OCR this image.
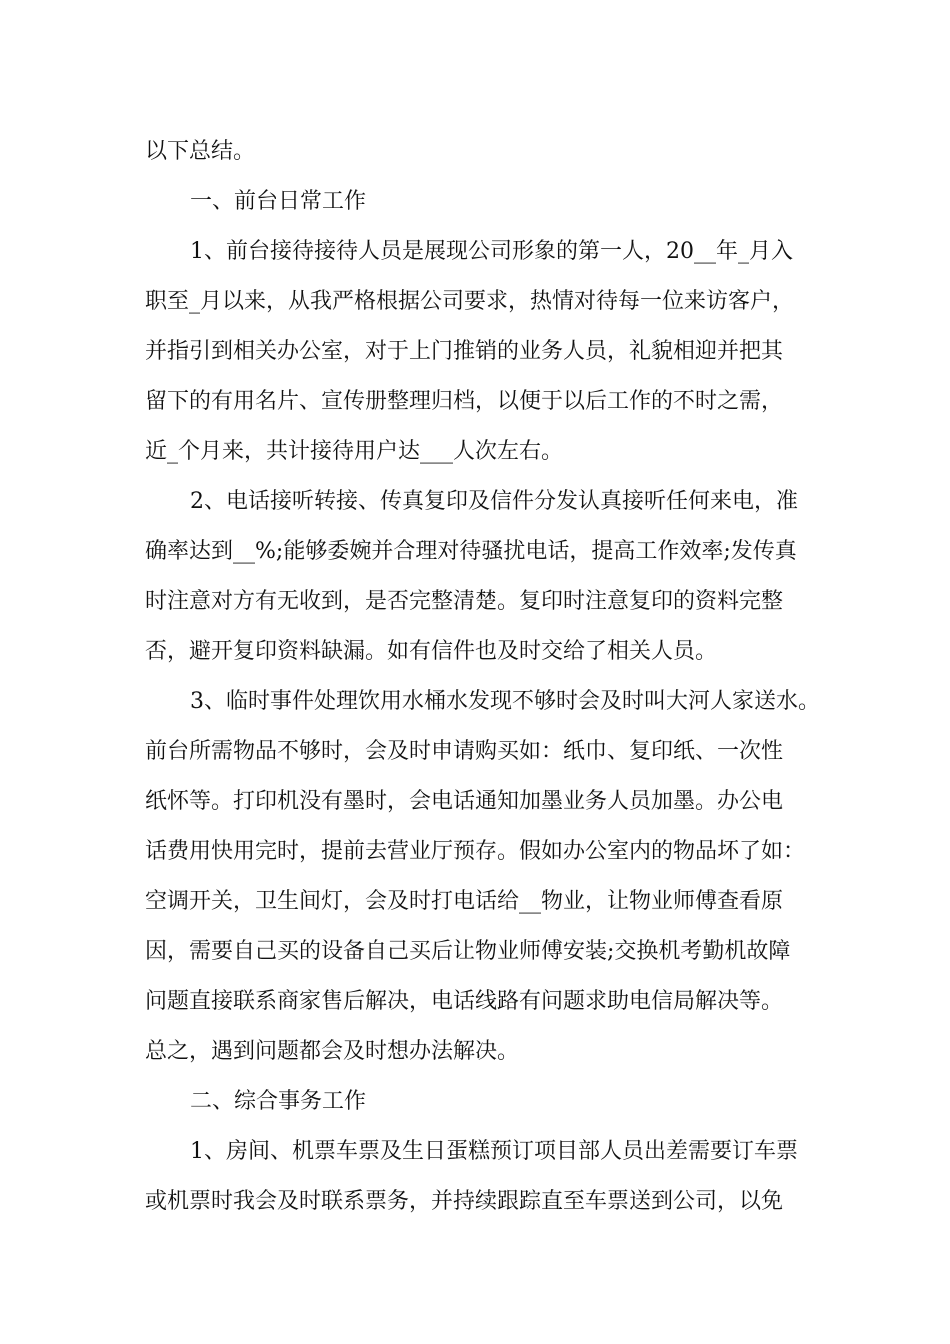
以下总结。
一、前台日常工作
1、前台接待接待人员是展现公司形象的第一人，20__年_月入
职至_月以来，从我严格根据公司要求，热情对待每一位来访客户，
并指引到相关办公室，对于上门推销的业务人员，礼貌相迎并把其
留下的有用名片、宣传册整理归档，以便于以后工作的不时之需，
近_个月来，共计接待用户达___人次左右。
2、电话接听转接、传真复印及信件分发认真接听任何来电，准
确率达到__%;能够委婉并合理对待骚扰电话，提高工作效率;发传真
时注意对方有无收到，是否完整清楚。复印时注意复印的资料完整
否，避开复印资料缺漏。如有信件也及时交给了相关人员。
3、临时事件处理饮用水桶水发现不够时会及时叫大河人家送水。
前台所需物品不够时，会及时申请购买如：纸巾、复印纸、一次性
纸怀等。打印机没有墨时，会电话通知加墨业务人员加墨。办公电
话费用快用完时，提前去营业厅预存。假如办公室内的物品坏了如：
空调开关，卫生间灯，会及时打电话给__物业，让物业师傅查看原
因，需要自己买的设备自己买后让物业师傅安装;交换机考勤机故障
问题直接联系商家售后解决，电话线路有问题求助电信局解决等。
总之，遇到问题都会及时想办法解决。
二、综合事务工作
1、房间、机票车票及生日蛋糕预订项目部人员出差需要订车票
或机票时我会及时联系票务，并持续跟踪直至车票送到公司，以免
